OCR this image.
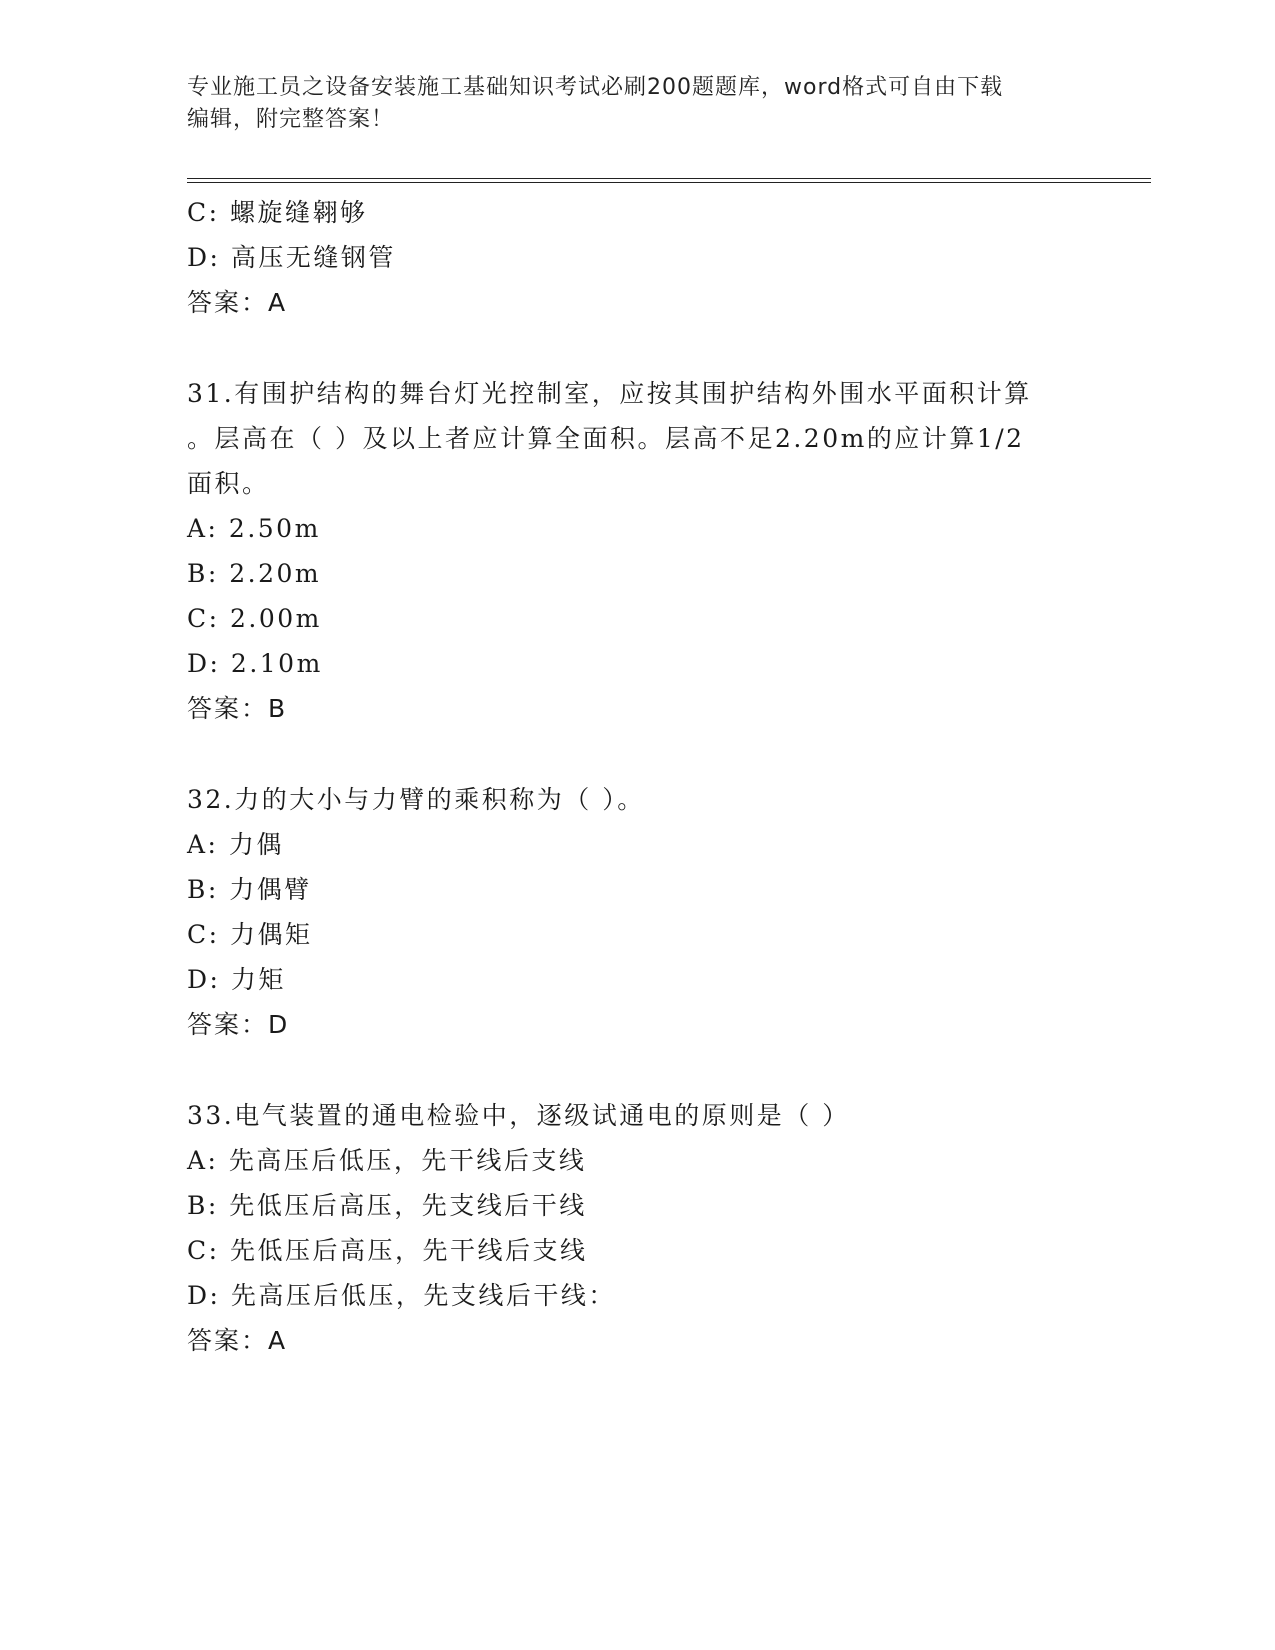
专业施工员之设备安装施工基础知识考试必刷200题题库，word格式可自由下载
编辑，附完整答案！
C: 螺旋缝翱够
D: 高压无缝钢管
答案：A
31.有围护结构的舞台灯光控制室，应按其围护结构外围水平面积计算
。层高在（ ）及以上者应计算全面积。层高不足2.20m的应计算1/2
面积。
A: 2.50m
B: 2.20m
C: 2.00m
D: 2.10m
答案：B
32.力的大小与力臂的乘积称为（ ）。
A: 力偶
B: 力偶臂
C: 力偶矩
D: 力矩
答案：D
33.电气装置的通电检验中，逐级试通电的原则是（ ）
A: 先高压后低压，先干线后支线
B: 先低压后高压，先支线后干线
C: 先低压后高压，先干线后支线
D: 先高压后低压，先支线后干线：
答案：A
